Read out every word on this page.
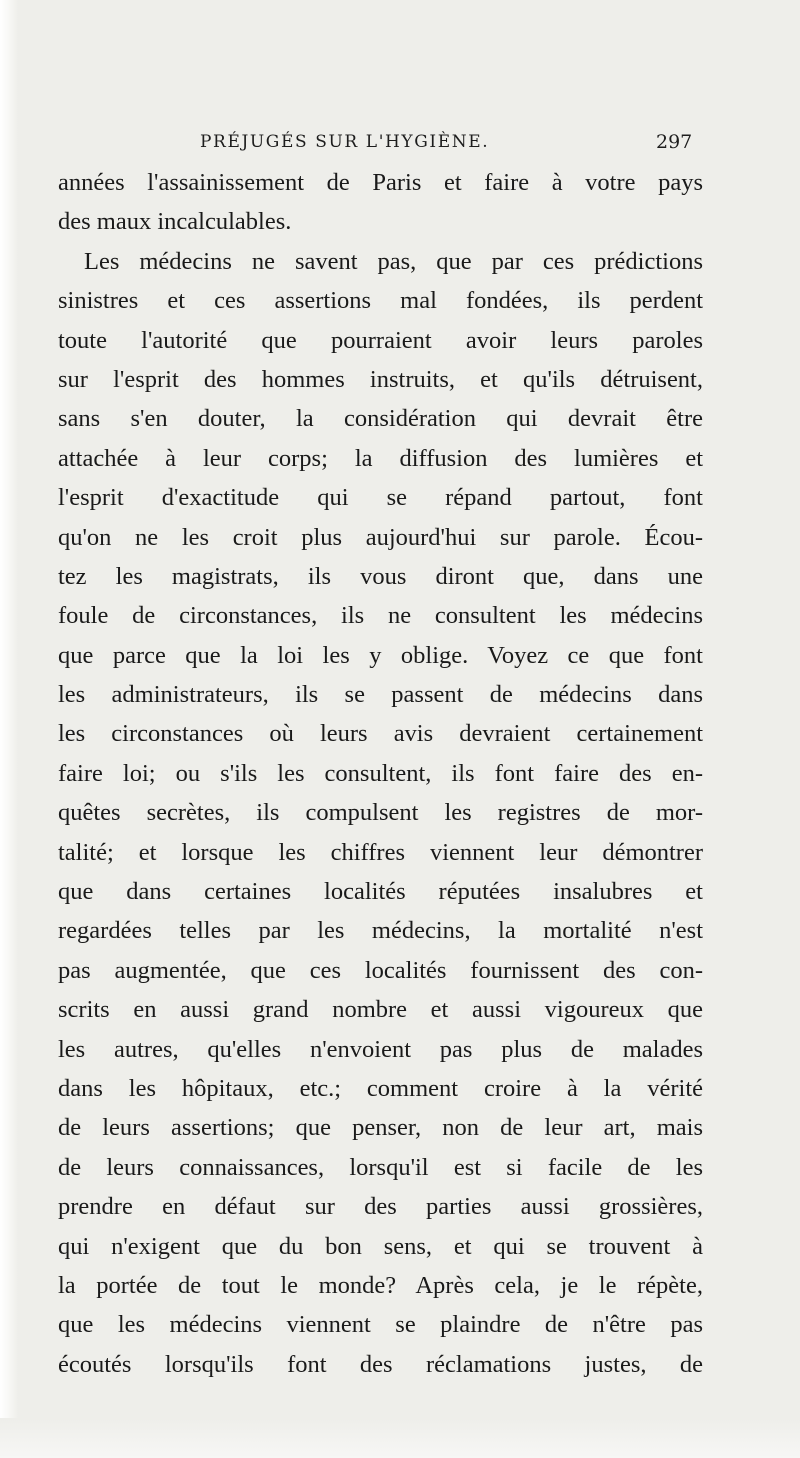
PRÉJUGÉS SUR L'HYGIÈNE.	297
années l'assainissement de Paris et faire à votre pays
des maux incalculables.
Les médecins ne savent pas, que par ces prédictions
sinistres et ces assertions mal fondées, ils perdent
toute l'autorité que pourraient avoir leurs paroles
sur l'esprit des hommes instruits, et qu'ils détruisent,
sans s'en douter, la considération qui devrait être
attachée à leur corps; la diffusion des lumières et
l'esprit d'exactitude qui se répand partout, font
qu'on ne les croit plus aujourd'hui sur parole. Écou-
tez les magistrats, ils vous diront que, dans une
foule de circonstances, ils ne consultent les médecins
que parce que la loi les y oblige. Voyez ce que font
les administrateurs, ils se passent de médecins dans
les circonstances où leurs avis devraient certainement
faire loi; ou s'ils les consultent, ils font faire des en-
quêtes secrètes, ils compulsent les registres de mor-
talité; et lorsque les chiffres viennent leur démontrer
que dans certaines localités réputées insalubres et
regardées telles par les médecins, la mortalité n'est
pas augmentée, que ces localités fournissent des con-
scrits en aussi grand nombre et aussi vigoureux que
les autres, qu'elles n'envoient pas plus de malades
dans les hôpitaux, etc.; comment croire à la vérité
de leurs assertions; que penser, non de leur art, mais
de leurs connaissances, lorsqu'il est si facile de les
prendre en défaut sur des parties aussi grossières,
qui n'exigent que du bon sens, et qui se trouvent à
la portée de tout le monde? Après cela, je le répète,
que les médecins viennent se plaindre de n'être pas
écoutés lorsqu'ils font des réclamations justes, de
